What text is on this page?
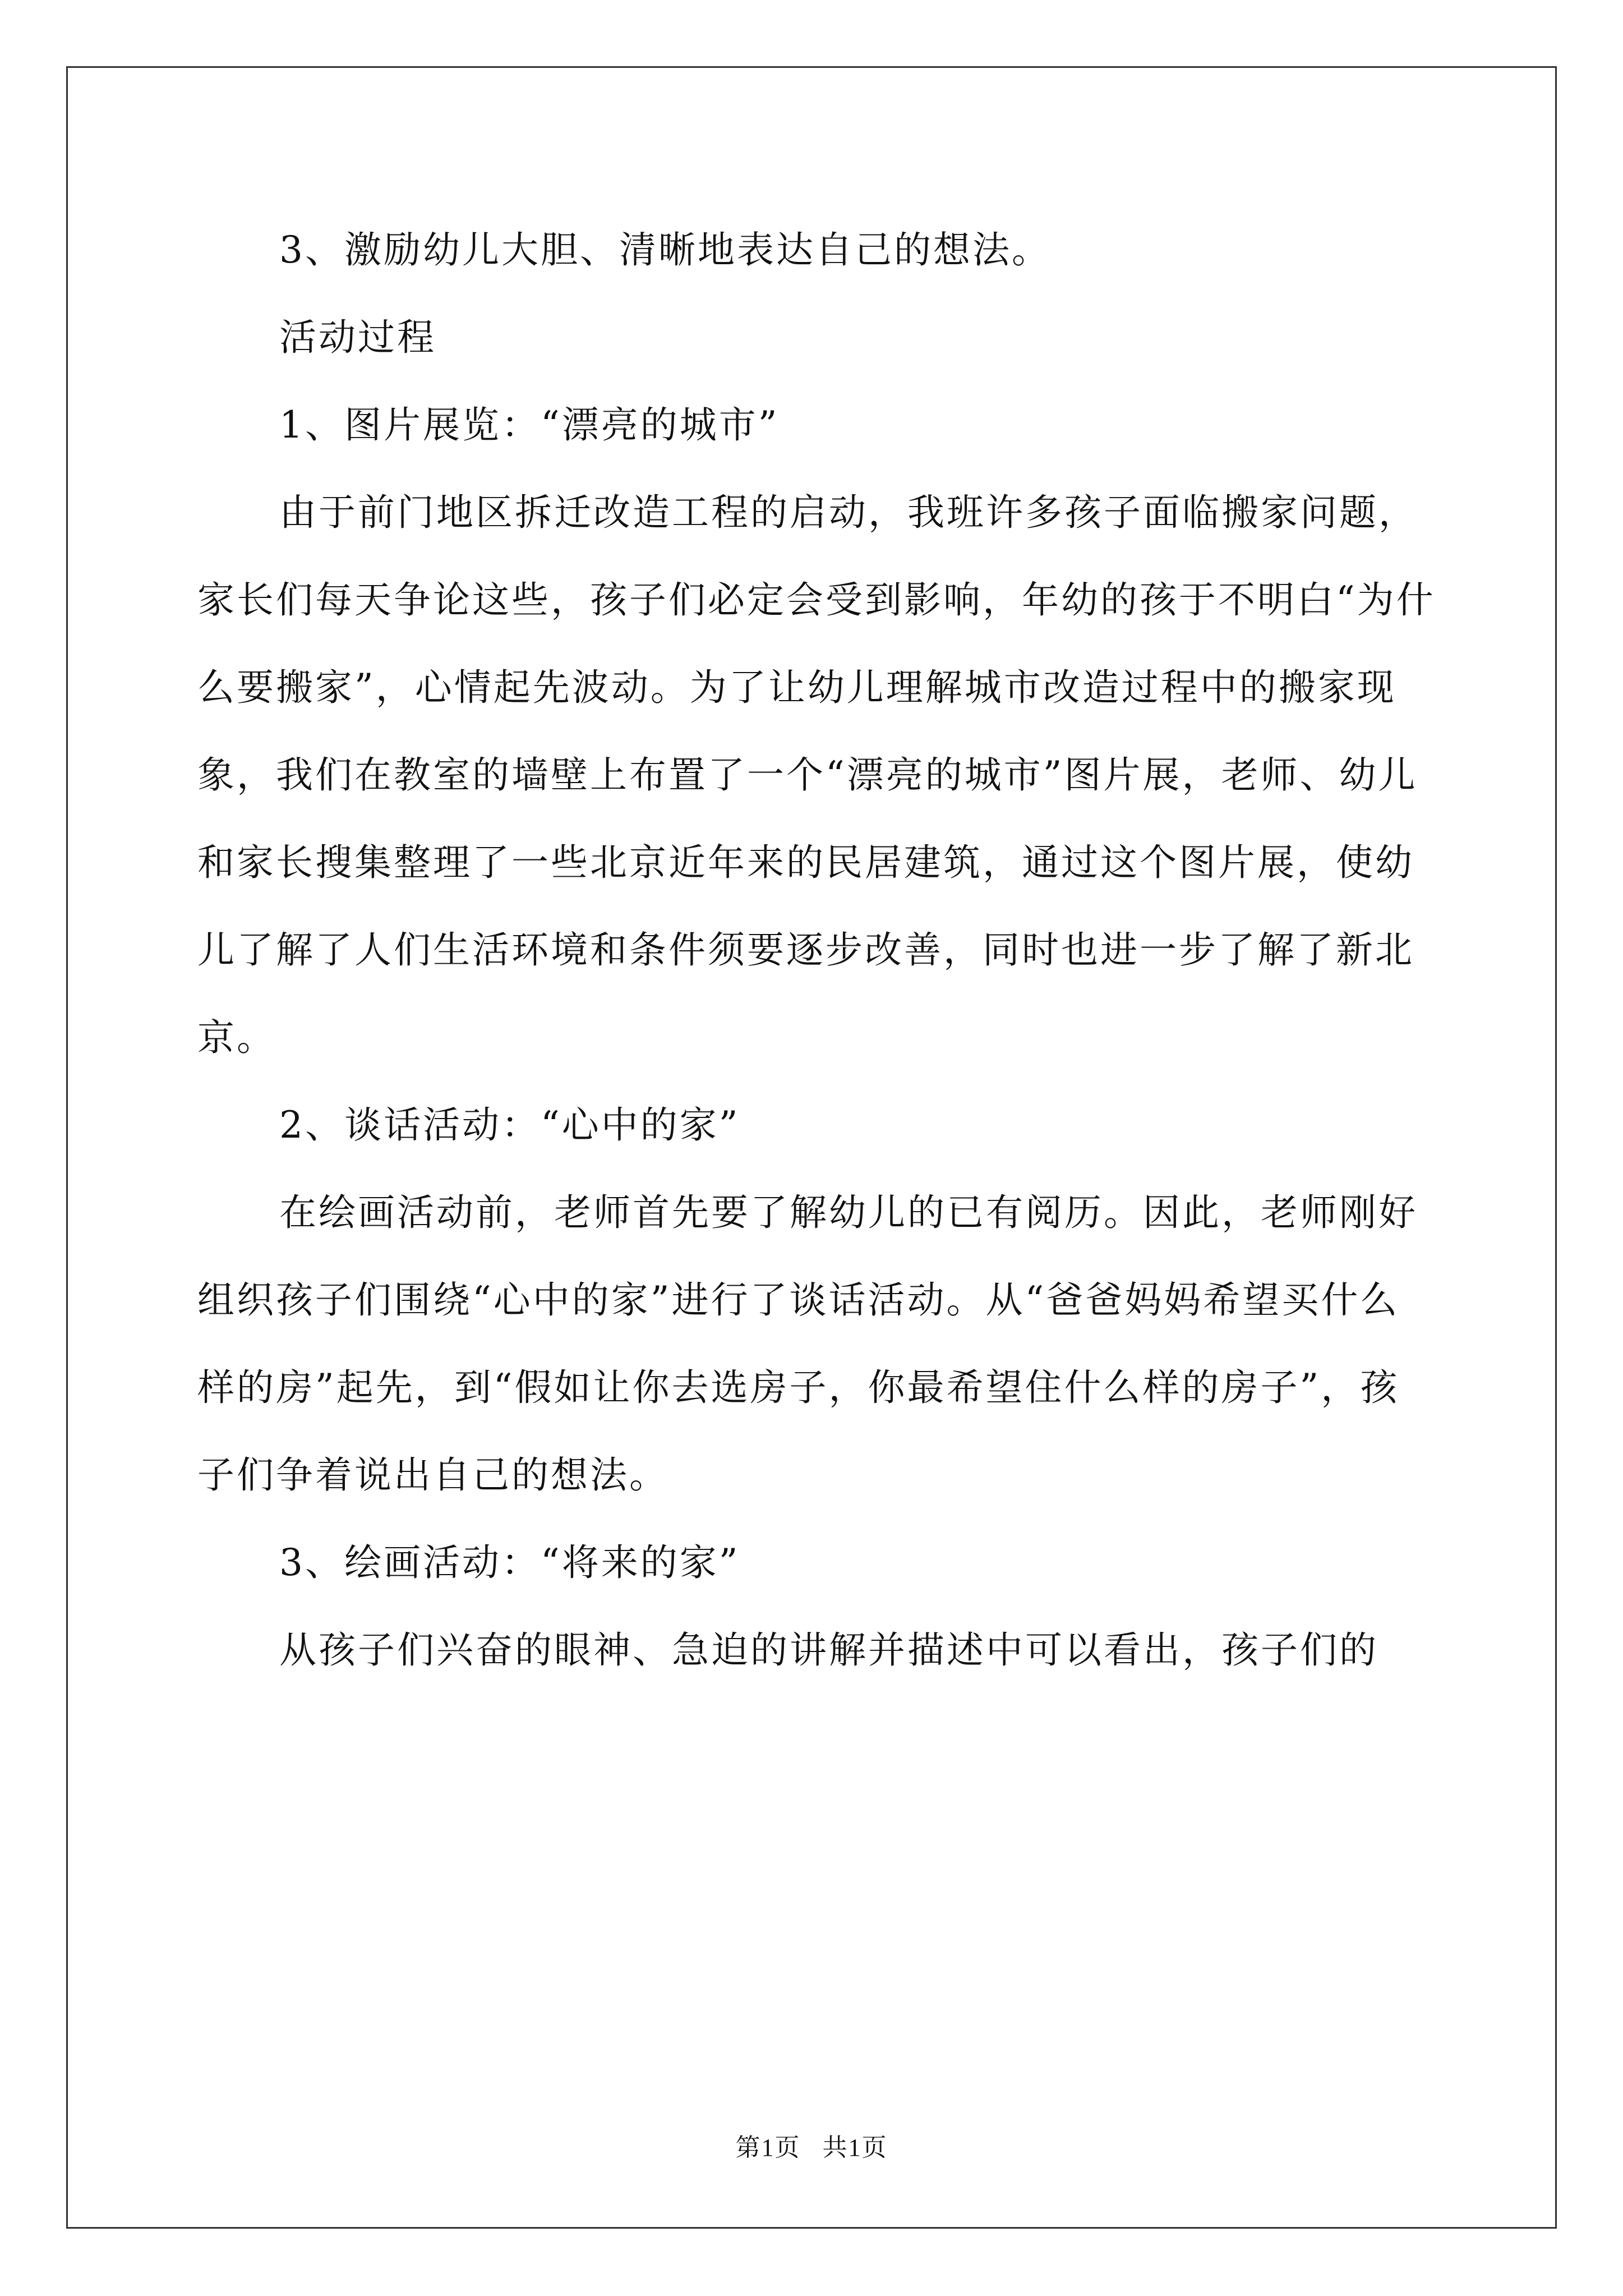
3、激励幼儿大胆、清晰地表达自己的想法。

活动过程

1、图片展览：“漂亮的城市”

由于前门地区拆迁改造工程的启动，我班许多孩子面临搬家问题，家长们每天争论这些，孩子们必定会受到影响，年幼的孩于不明白“为什么要搬家”，心情起先波动。为了让幼儿理解城市改造过程中的搬家现象，我们在教室的墙壁上布置了一个“漂亮的城市”图片展，老师、幼儿和家长搜集整理了一些北京近年来的民居建筑，通过这个图片展，使幼儿了解了人们生活环境和条件须要逐步改善，同时也进一步了解了新北京。

2、谈话活动：“心中的家”

在绘画活动前，老师首先要了解幼儿的已有阅历。因此，老师刚好组织孩子们围绕“心中的家”进行了谈话活动。从“爸爸妈妈希望买什么样的房”起先，到“假如让你去选房子，你最希望住什么样的房子”，孩子们争着说出自己的想法。

3、绘画活动：“将来的家”

从孩子们兴奋的眼神、急迫的讲解并描述中可以看出，孩子们的

第1页 共1页
